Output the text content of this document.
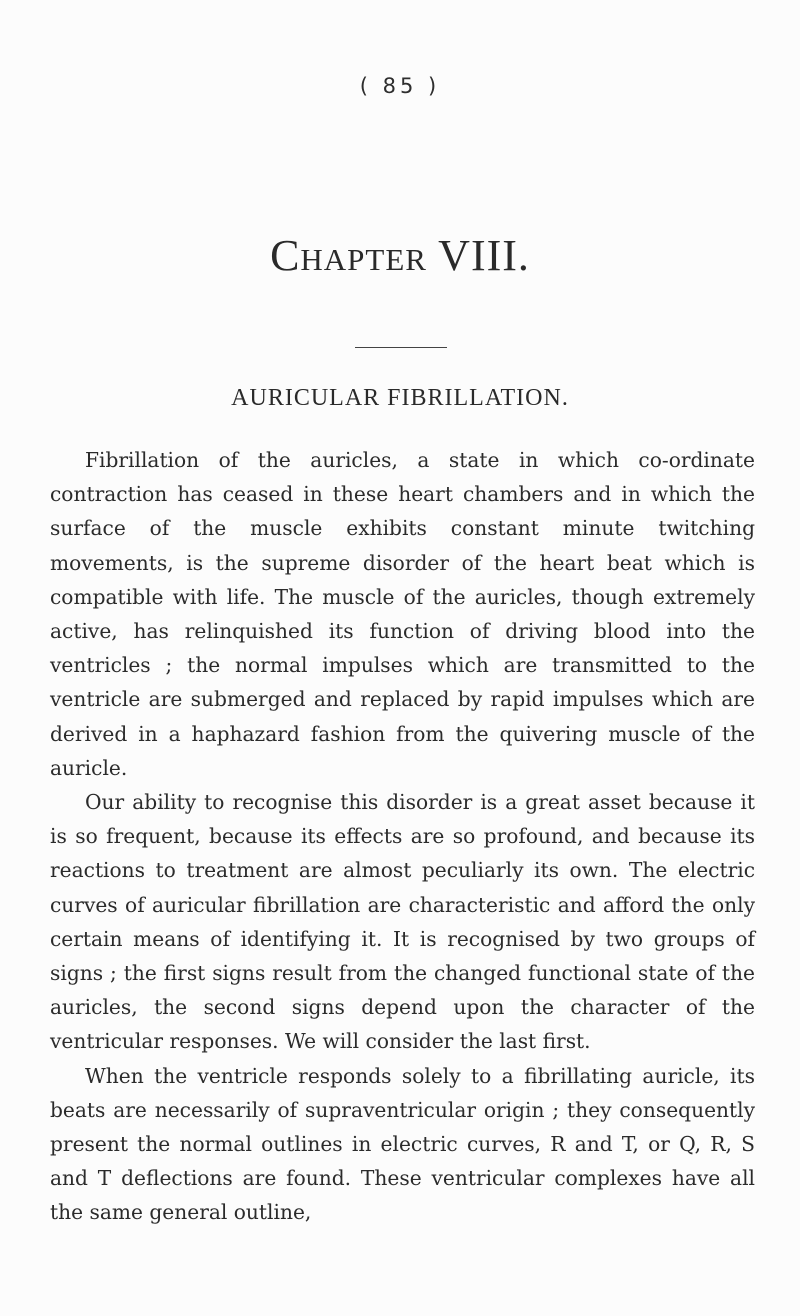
( 85 )
Chapter VIII.
AURICULAR FIBRILLATION.

Fibrillation of the auricles, a state in which co-ordinate contraction has ceased in these heart chambers and in which the surface of the muscle exhibits constant minute twitching movements, is the supreme disorder of the heart beat which is compatible with life. The muscle of the auricles, though extremely active, has relinquished its function of driving blood into the ventricles ; the normal impulses which are transmitted to the ventricle are submerged and replaced by rapid impulses which are derived in a haphazard fashion from the quivering muscle of the auricle.

Our ability to recognise this disorder is a great asset because it is so frequent, because its effects are so profound, and because its reactions to treatment are almost peculiarly its own. The electric curves of auricular fibrillation are characteristic and afford the only certain means of identifying it. It is recognised by two groups of signs ; the first signs result from the changed functional state of the auricles, the second signs depend upon the character of the ventricular responses. We will consider the last first.

When the ventricle responds solely to a fibrillating auricle, its beats are necessarily of supraventricular origin ; they consequently present the normal outlines in electric curves, R and T, or Q, R, S and T deflections are found. These ventricular complexes have all the same general outline,
